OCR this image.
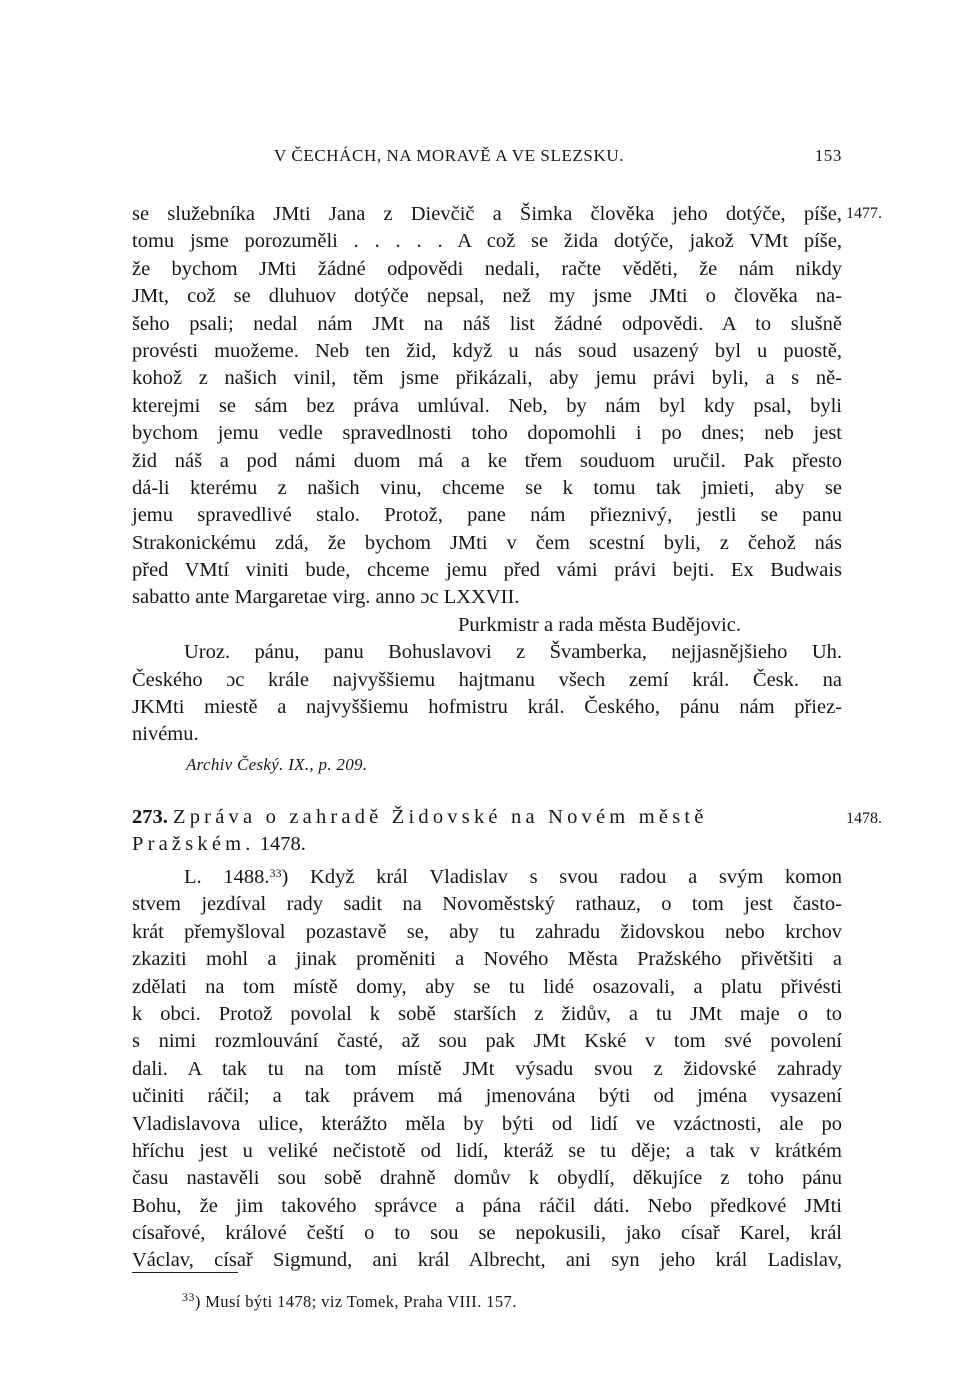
V ČECHÁCH, NA MORAVĚ A VE SLEZSKU.	153
1477.
1478.
se služebníka JMti Jana z Dievčič a Šimka člověka jeho dotýče, píše,
tomu jsme porozuměli . . . . . A což se žida dotýče, jakož VMt píše,
že bychom JMti žádné odpovědi nedali, račte věděti, že nám nikdy
JMt, což se dluhuov dotýče nepsal, než my jsme JMti o člověka na-
šeho psali; nedal nám JMt na náš list žádné odpovědi. A to slušně
provésti muožeme. Neb ten žid, když u nás soud usazený byl u puostě,
kohož z našich vinil, těm jsme přikázali, aby jemu právi byli, a s ně-
kterejmi se sám bez práva umlúval. Neb, by nám byl kdy psal, byli
bychom jemu vedle spravedlnosti toho dopomohli i po dnes; neb jest
žid náš a pod námi duom má a ke třem souduom uručil. Pak přesto
dá-li kterému z našich vinu, chceme se k tomu tak jmieti, aby se
jemu spravedlivé stalo. Protož, pane nám přieznivý, jestli se panu
Strakonickému zdá, že bychom JMti v čem scestní byli, z čehož nás
před VMtí viniti bude, chceme jemu před vámi právi bejti. Ex Budwais
sabatto ante Margaretae virg. anno ɔc LXXVII.
Purkmistr a rada města Budějovic.
Uroz. pánu, panu Bohuslavovi z Švamberka, nejjasnějšieho Uh.
Českého ɔc krále najvyššiemu hajtmanu všech zemí král. Česk. na
JKMti miestě a najvyššiemu hofmistru král. Českého, pánu nám přiez-
nivému.
Archiv Český. IX., p. 209.
273. Zpráva o zahradě Židovské na Novém městě
Pražském. 1478.
L. 1488.33) Když král Vladislav s svou radou a svým komon
stvem jezdíval rady sadit na Novoměstský rathauz, o tom jest často-
krát přemyšloval pozastavě se, aby tu zahradu židovskou nebo krchov
zkaziti mohl a jinak proměniti a Nového Města Pražského přivětšiti a
zdělati na tom místě domy, aby se tu lidé osazovali, a platu přivésti
k obci. Protož povolal k sobě starších z židův, a tu JMt maje o to
s nimi rozmlouvání časté, až sou pak JMt Kské v tom své povolení
dali. A tak tu na tom místě JMt výsadu svou z židovské zahrady
učiniti ráčil; a tak právem má jmenována býti od jména vysazení
Vladislavova ulice, kterážto měla by býti od lidí ve vzáctnosti, ale po
hříchu jest u veliké nečistotě od lidí, kteráž se tu děje; a tak v krátkém
času nastavěli sou sobě drahně domův k obydlí, děkujíce z toho pánu
Bohu, že jim takového správce a pána ráčil dáti. Nebo předkové JMti
císařové, králové čeští o to sou se nepokusili, jako císař Karel, král
Václav, císař Sigmund, ani král Albrecht, ani syn jeho král Ladislav,
$^{33}$) Musí býti 1478; viz Tomek, Praha VIII. 157.
